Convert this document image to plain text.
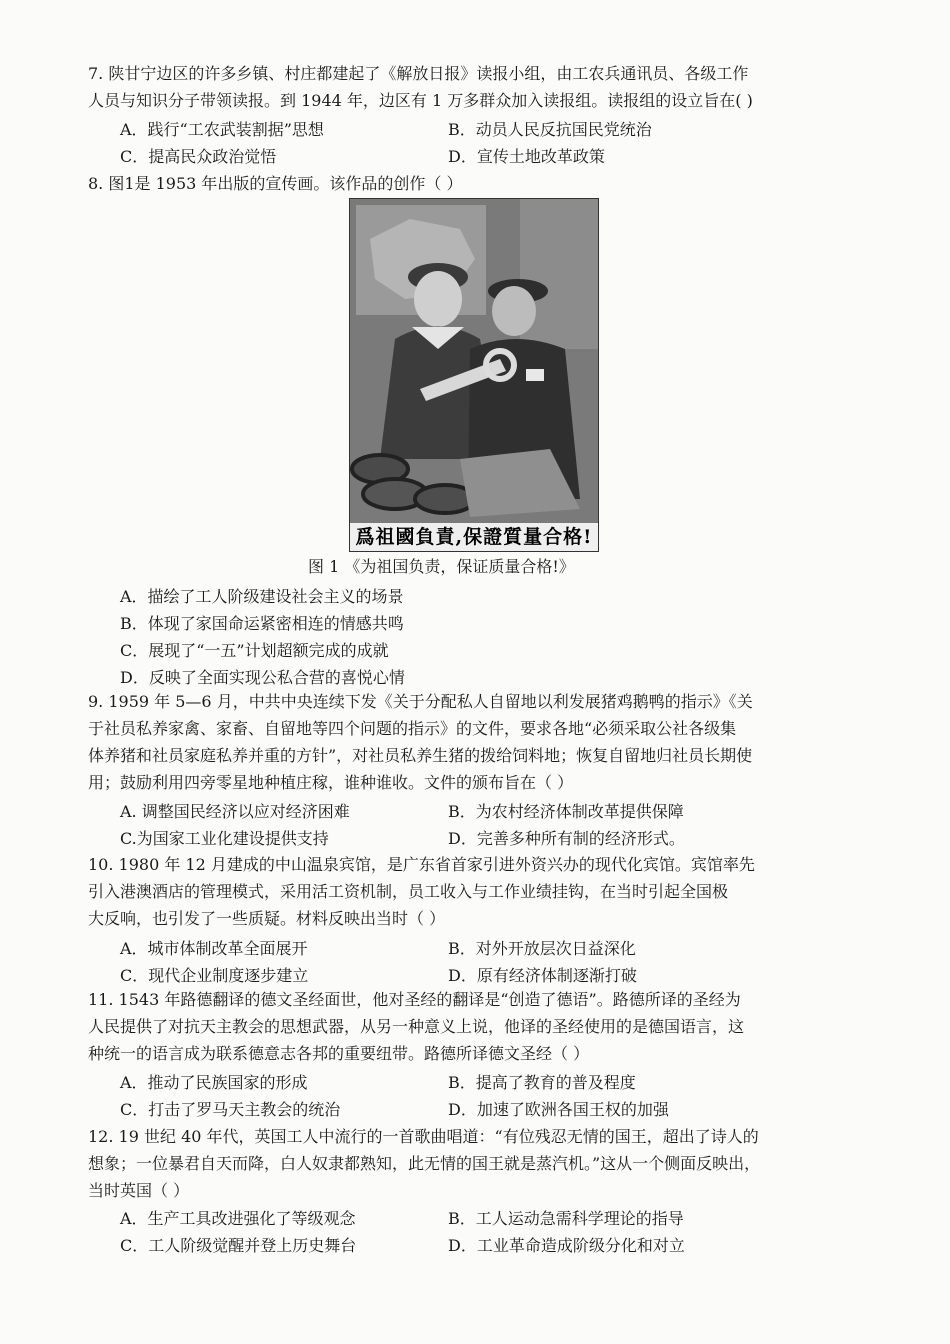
7. 陕甘宁边区的许多乡镇、村庄都建起了《解放日报》读报小组，由工农兵通讯员、各级工作
人员与知识分子带领读报。到 1944 年，边区有 1 万多群众加入读报组。读报组的设立旨在( )
A．践行“工农武装割据”思想	B．动员人民反抗国民党统治
C．提高民众政治觉悟	D．宣传土地改革政策
8. 图1是 1953 年出版的宣传画。该作品的创作（ ）
爲祖國負責,保證質量合格!
图 1 《为祖国负责，保证质量合格!》
A．描绘了工人阶级建设社会主义的场景
B．体现了家国命运紧密相连的情感共鸣
C．展现了“一五”计划超额完成的成就
D．反映了全面实现公私合营的喜悦心情
9. 1959 年 5—6 月，中共中央连续下发《关于分配私人自留地以利发展猪鸡鹅鸭的指示》《关
于社员私养家禽、家畜、自留地等四个问题的指示》的文件，要求各地“必须采取公社各级集
体养猪和社员家庭私养并重的方针”，对社员私养生猪的拨给饲料地；恢复自留地归社员长期使
用；鼓励利用四旁零星地种植庄稼，谁种谁收。文件的颁布旨在（ ）
A. 调整国民经济以应对经济困难	B．为农村经济体制改革提供保障
C.为国家工业化建设提供支持	D．完善多种所有制的经济形式。
10. 1980 年 12 月建成的中山温泉宾馆，是广东省首家引进外资兴办的现代化宾馆。宾馆率先
引入港澳酒店的管理模式，采用活工资机制，员工收入与工作业绩挂钩，在当时引起全国极
大反响，也引发了一些质疑。材料反映出当时（ ）
A．城市体制改革全面展开	B．对外开放层次日益深化
C．现代企业制度逐步建立	D．原有经济体制逐渐打破
11. 1543 年路德翻译的德文圣经面世，他对圣经的翻译是“创造了德语”。路德所译的圣经为
人民提供了对抗天主教会的思想武器，从另一种意义上说，他译的圣经使用的是德国语言，这
种统一的语言成为联系德意志各邦的重要纽带。路德所译德文圣经（ ）
A．推动了民族国家的形成	B．提高了教育的普及程度
C．打击了罗马天主教会的统治	D．加速了欧洲各国王权的加强
12. 19 世纪 40 年代，英国工人中流行的一首歌曲唱道：“有位残忍无情的国王，超出了诗人的
想象；一位暴君自天而降，白人奴隶都熟知，此无情的国王就是蒸汽机。”这从一个侧面反映出，
当时英国（ ）
A．生产工具改进强化了等级观念	B．工人运动急需科学理论的指导
C．工人阶级觉醒并登上历史舞台	D．工业革命造成阶级分化和对立
